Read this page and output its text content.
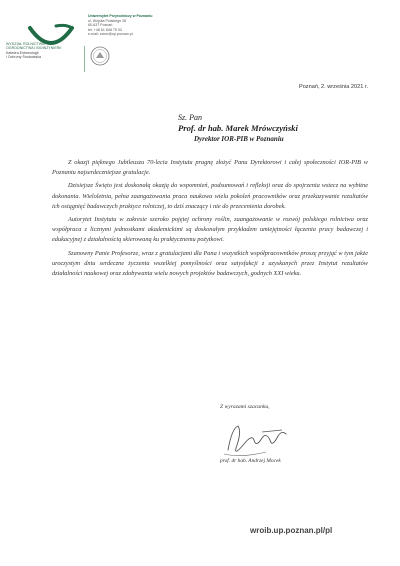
WYDZIAŁ ROLNICTWA,
OGRODNICTWA I BIOINŻYNIERII
Katedra Entomologii
i Ochrony Środowiska
Uniwersytet Przyrodniczy w Poznaniu
ul. Wojska Polskiego 28
60-637 Poznań
tel. +48 61 848 75 93
e-mail: zizsrr@up.poznan.pl
Poznań, 2. września 2021 r.
Sz. Pan
Prof. dr hab. Marek Mrówczyński
Dyrektor IOR-PIB w Poznaniu

Z okazji pięknego Jubileuszu 70-lecia Instytutu pragnę złożyć Panu Dyrektorowi i całej społeczności IOR-PIB w Poznaniu najserdeczniejsze gratulacje.

Dzisiejsze Święto jest doskonałą okazją do wspomnień, podsumowań i refleksji oraz do spojrzenia wstecz na wybitne dokonania. Wieloletnia, pełna zaangażowania praca naukowa wielu pokoleń pracowników oraz przekazywanie rezultatów ich osiągnięć badawczych praktyce rolniczej, to dziś znaczący i nie do przecenienia dorobek.

Autorytet Instytutu w zakresie szeroko pojętej ochrony roślin, zaangażowanie w rozwój polskiego rolnictwa oraz współpraca z licznymi jednostkami akademickimi są doskonałym przykładem umiejętności łączenia pracy badawczej i edukacyjnej z działalnością skierowaną ku praktycznemu pożytkowi.

Szanowny Panie Profesorze, wraz z gratulacjami dla Pana i wszystkich współpracowników proszę przyjąć w tym jakże uroczystym dniu serdeczne życzenia wszelkiej pomyślności oraz satysfakcji z uzyskanych przez Instytut rezultatów działalności naukowej oraz zdobywania wielu nowych projektów badawczych, godnych XXI wieku.

Z wyrazami szacunku,
prof. dr hab. Andrzej Mocek
wroib.up.poznan.pl/pl
